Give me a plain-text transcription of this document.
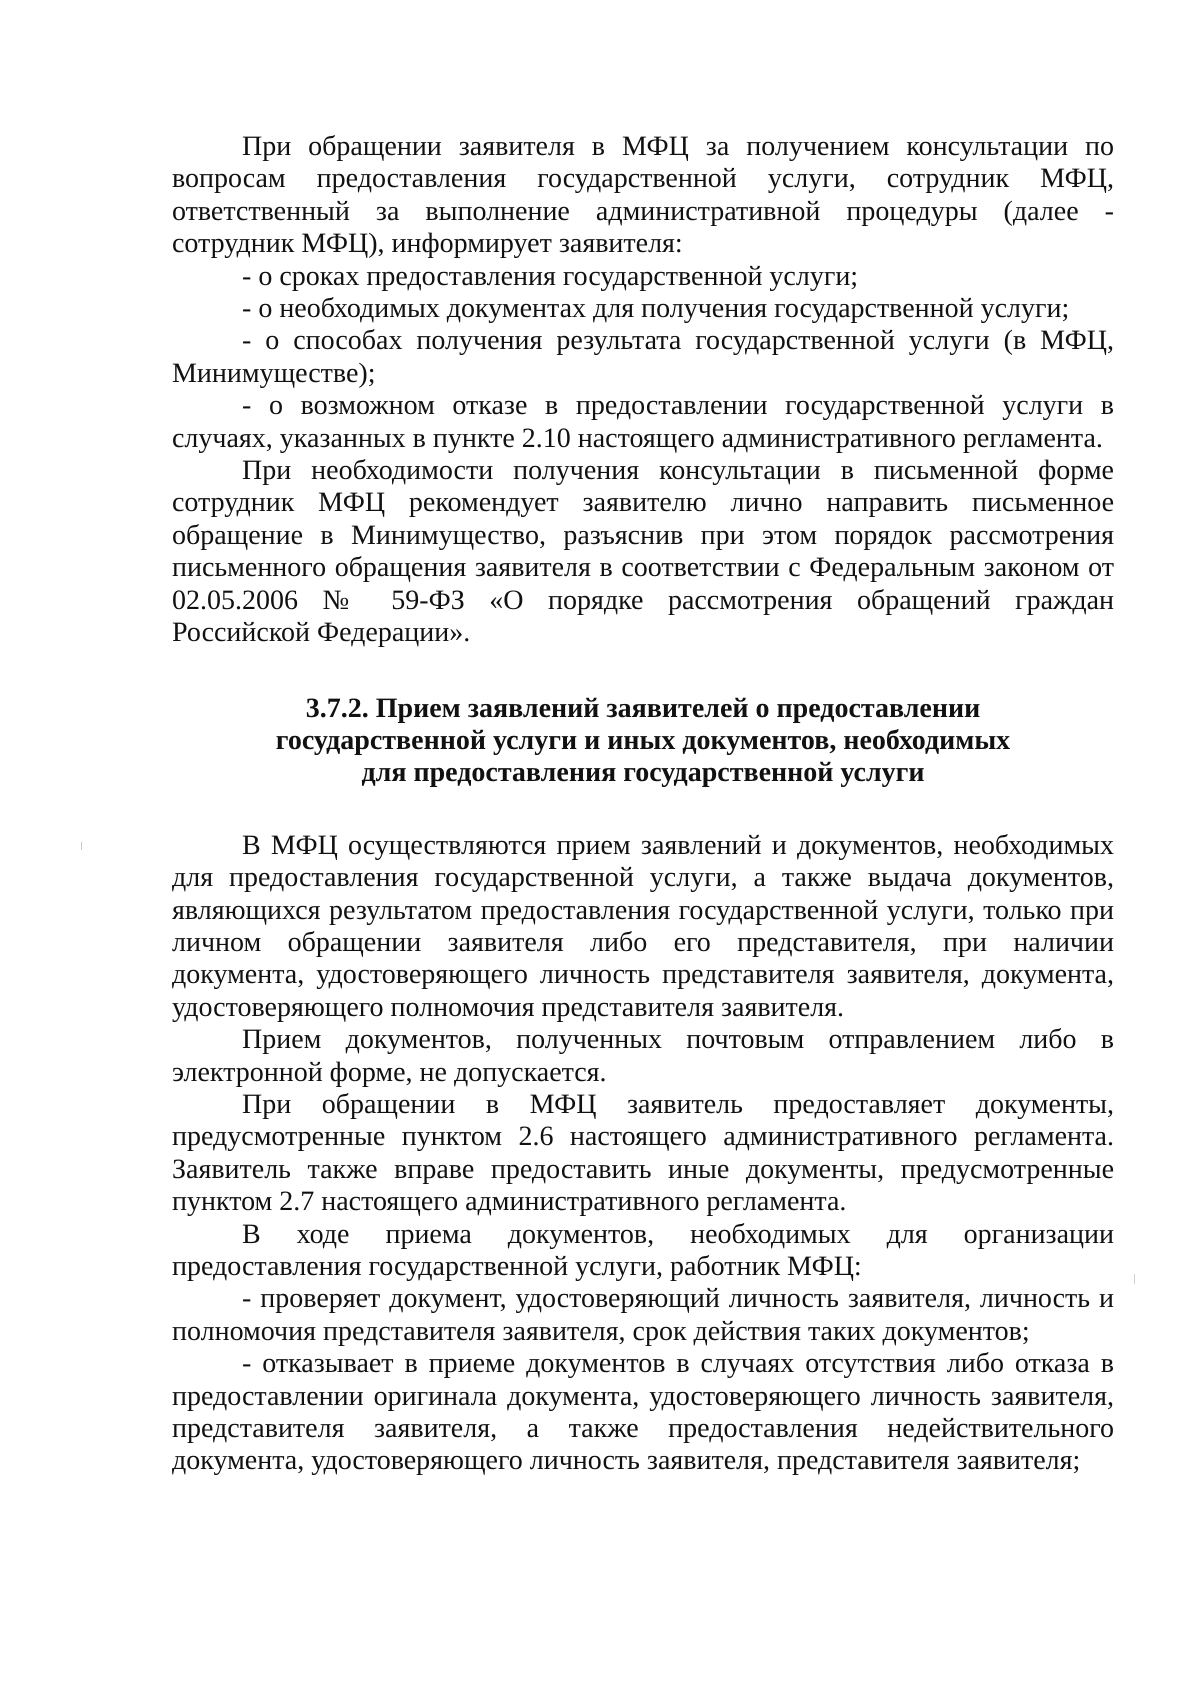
При обращении заявителя в МФЦ за получением консультации по вопросам предоставления государственной услуги, сотрудник МФЦ, ответственный за выполнение административной процедуры (далее - сотрудник МФЦ), информирует заявителя:

- о сроках предоставления государственной услуги;

- о необходимых документах для получения государственной услуги;

- о способах получения результата государственной услуги (в МФЦ, Минимуществе);

- о возможном отказе в предоставлении государственной услуги в случаях, указанных в пункте 2.10 настоящего административного регламента.

При необходимости получения консультации в письменной форме сотрудник МФЦ рекомендует заявителю лично направить письменное обращение в Минимущество, разъяснив при этом порядок рассмотрения письменного обращения заявителя в соответствии с Федеральным законом от 02.05.2006 № 59-ФЗ «О порядке рассмотрения обращений граждан Российской Федерации».

3.7.2. Прием заявлений заявителей о предоставлении
государственной услуги и иных документов, необходимых
для предоставления государственной услуги

В МФЦ осуществляются прием заявлений и документов, необходимых для предоставления государственной услуги, а также выдача документов, являющихся результатом предоставления государственной услуги, только при личном обращении заявителя либо его представителя, при наличии документа, удостоверяющего личность представителя заявителя, документа, удостоверяющего полномочия представителя заявителя.

Прием документов, полученных почтовым отправлением либо в электронной форме, не допускается.

При обращении в МФЦ заявитель предоставляет документы, предусмотренные пунктом 2.6 настоящего административного регламента. Заявитель также вправе предоставить иные документы, предусмотренные пунктом 2.7 настоящего административного регламента.

В ходе приема документов, необходимых для организации предоставления государственной услуги, работник МФЦ:

- проверяет документ, удостоверяющий личность заявителя, личность и полномочия представителя заявителя, срок действия таких документов;

- отказывает в приеме документов в случаях отсутствия либо отказа в предоставлении оригинала документа, удостоверяющего личность заявителя, представителя заявителя, а также предоставления недействительного документа, удостоверяющего личность заявителя, представителя заявителя;
